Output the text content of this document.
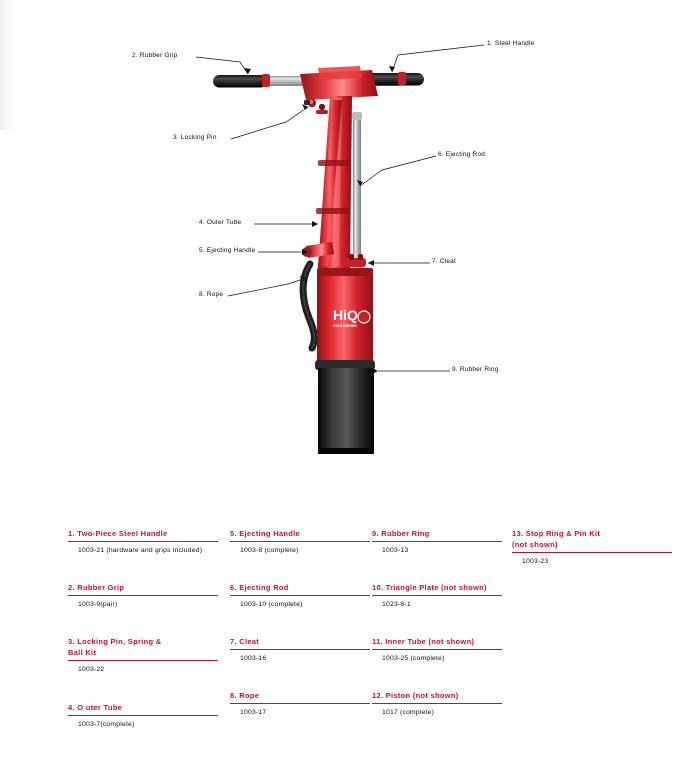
HiQ
HOLE DIGGER
1. Steel Handle
2. Rubber Grip
3. Locking Pin
4. Outer Tube
5. Ejecting Handle
6. Ejecting Rod
7. Cleat
8. Rope
9. Rubber Ring
1. Two-Piece Steel Handle
1003-21 (hardware and grips included)
2. Rubber Grip
1003-9(pair)
3. Locking Pin, Spring &
Ball Kit
1003-22
4. O uter Tube
1003-7(complete)
5. Ejecting Handle
1003-8 (complete)
6. Ejecting Rod
1003-10 (complete)
7. Cleat
1003-16
8. Rope
1003-17
9. Rubber Ring
1003-13
10. Triangle Plate (not shown)
1023-6-1
11. Inner Tube (not shown)
1003-25 (complete)
12. Piston (not shown)
1017 (complete)
13. Stop Ring & Pin Kit
(not shown)
1003-23
